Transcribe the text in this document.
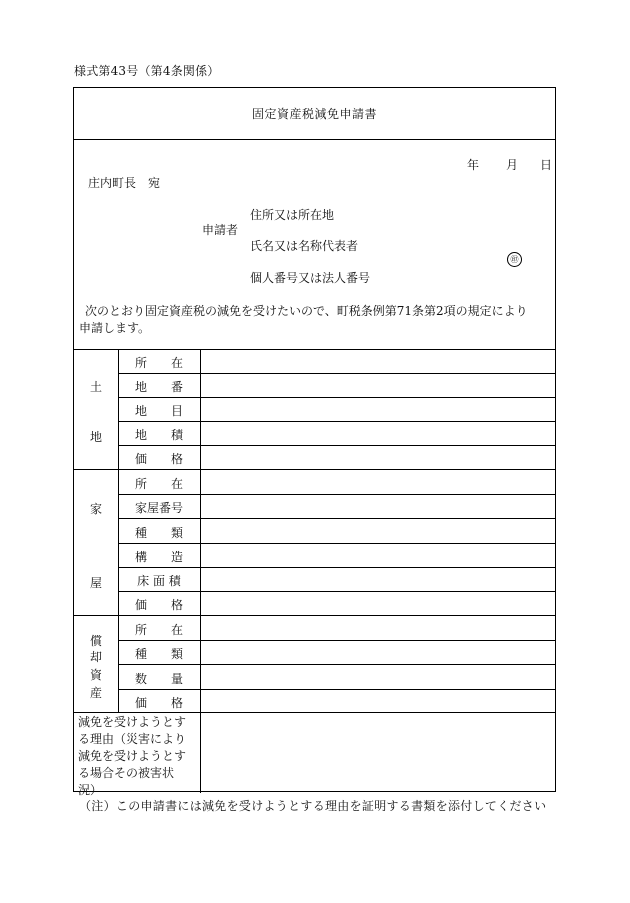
様式第43号（第4条関係）
固定資産税減免申請書
年 月 日
庄内町長　宛
申請者
住所又は所在地
氏名又は名称代表者
個人番号又は法人番号
次のとおり固定資産税の減免を受けたいので、町税条例第71条第2項の規定により
申請します。
土
地
所　　在
地　　番
地　　目
地　　積
価　　格
家
屋
所　　在
家屋番号
種　　類
構　　造
床 面 積
価　　格
償
却
資
産
所　　在
種　　類
数　　量
価　　格
減免を受けようとす
る理由（災害により
減免を受けようとす
る場合その被害状
況）
㊞
（注）この申請書には減免を受けようとする理由を証明する書類を添付してください
